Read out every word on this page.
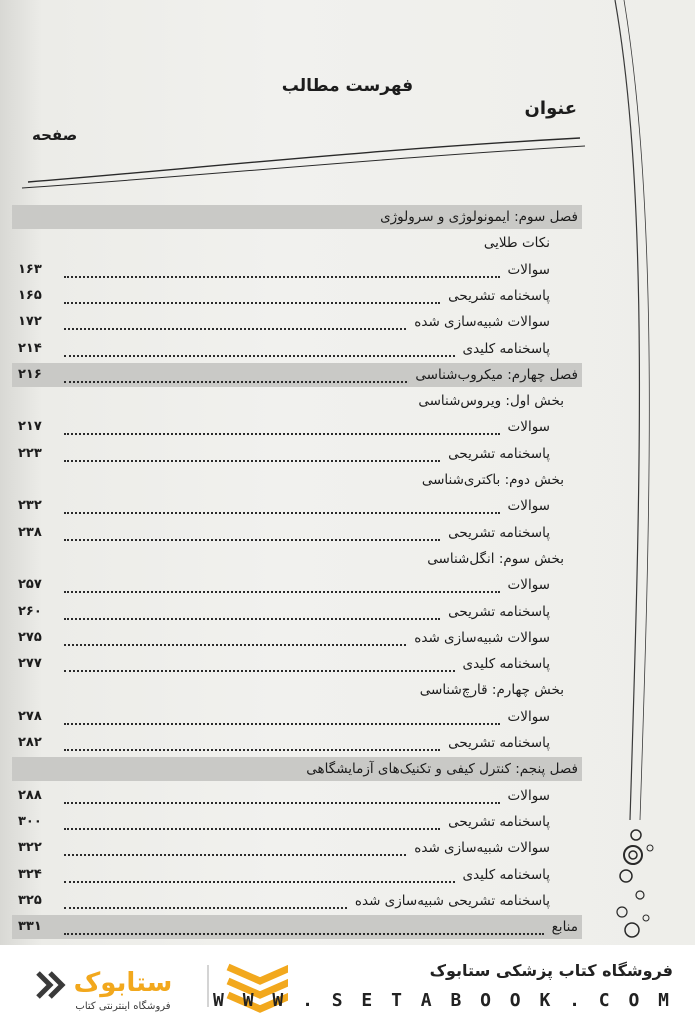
فهرست مطالب
عنوان
صفحه
فصل سوم: ایمونولوژی و سرولوژی
نکات طلایی
سوالات
۱۶۳
پاسخنامه تشریحی
۱۶۵
سوالات شبیه‌سازی شده
۱۷۲
پاسخنامه کلیدی
۲۱۴
فصل چهارم: میکروب‌شناسی
۲۱۶
بخش اول: ویروس‌شناسی
سوالات
۲۱۷
پاسخنامه تشریحی
۲۲۳
بخش دوم: باکتری‌شناسی
سوالات
۲۳۲
پاسخنامه تشریحی
۲۳۸
بخش سوم: انگل‌شناسی
سوالات
۲۵۷
پاسخنامه تشریحی
۲۶۰
سوالات شبیه‌سازی شده
۲۷۵
پاسخنامه کلیدی
۲۷۷
بخش چهارم: قارچ‌شناسی
سوالات
۲۷۸
پاسخنامه تشریحی
۲۸۲
فصل پنجم: کنترل کیفی و تکنیک‌های آزمایشگاهی
سوالات
۲۸۸
پاسخنامه تشریحی
۳۰۰
سوالات شبیه‌سازی شده
۳۲۲
پاسخنامه کلیدی
۳۲۴
پاسخنامه تشریحی شبیه‌سازی شده
۳۲۵
منابع
۳۳۱
ستابوک
فروشگاه اینترنتی کتاب
فروشگاه کتاب پزشکی ستابوک
W W W . S E T A B O O K . C O M
